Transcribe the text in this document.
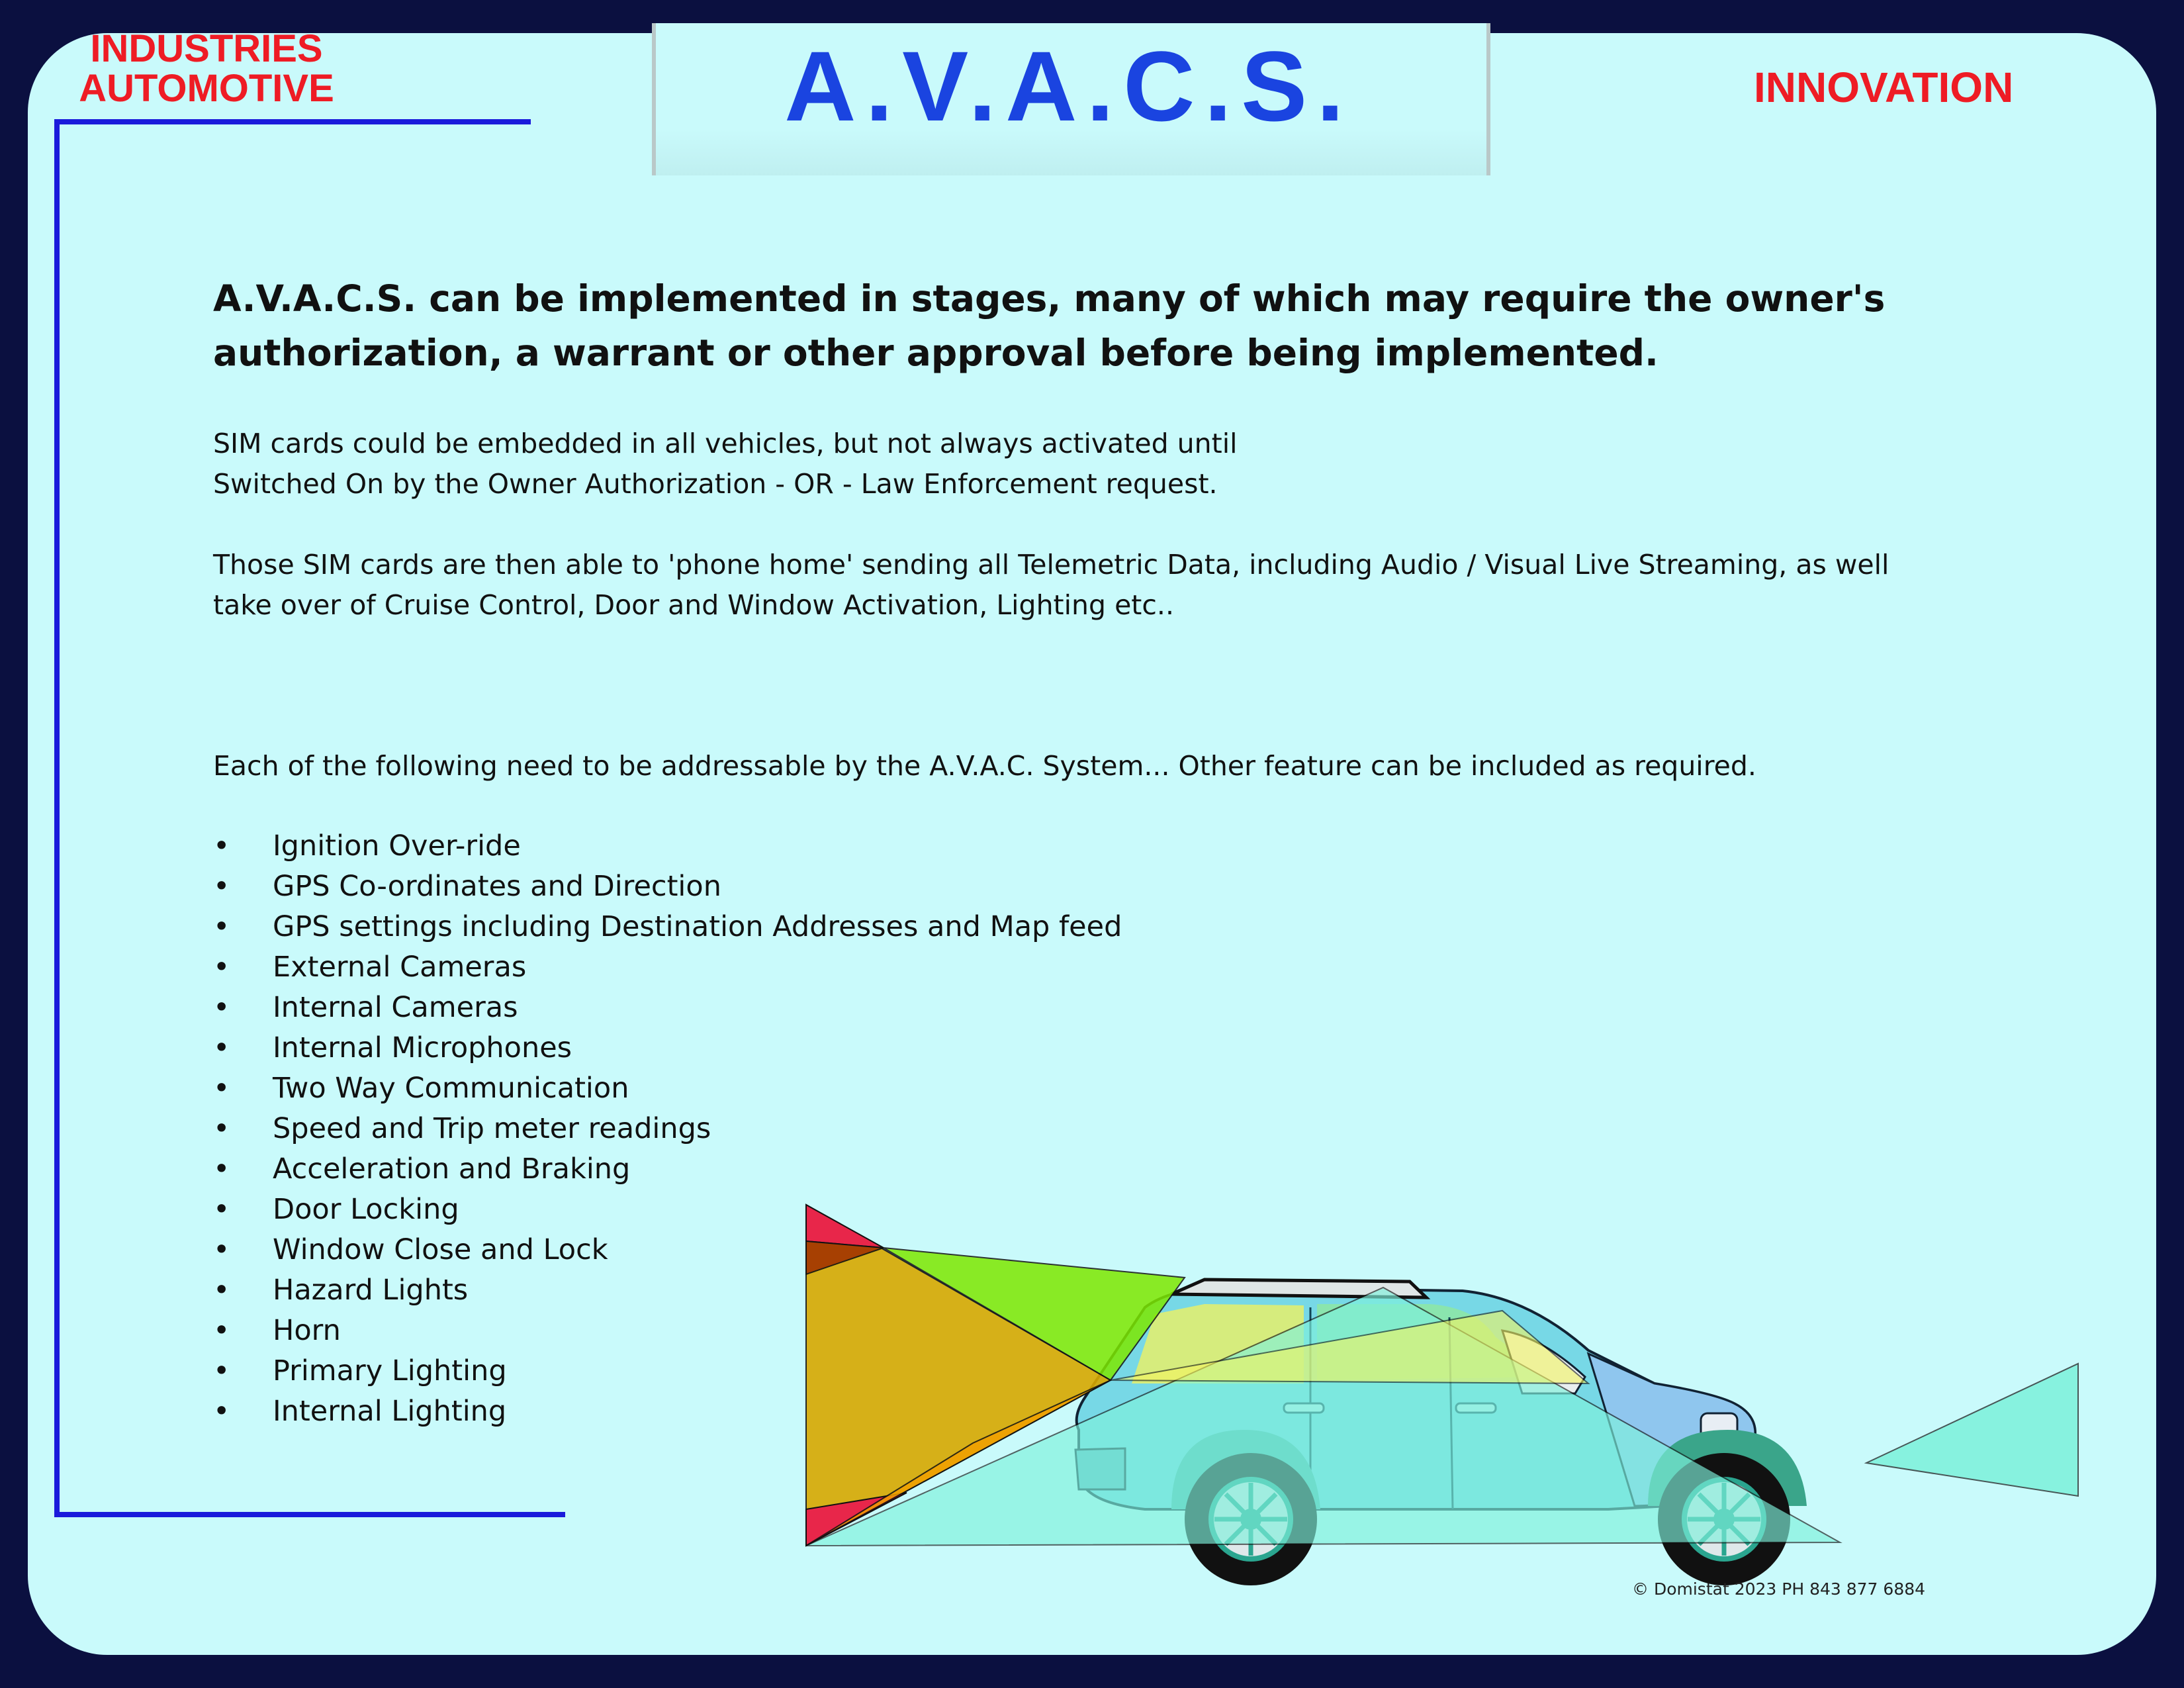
INDUSTRIES
AUTOMOTIVE	A.V.A.C.S.	INNOVATION
A.V.A.C.S. can be implemented in stages, many of which may require the owner's authorization, a warrant or other approval before being implemented.
SIM cards could be embedded in all vehicles, but not always activated until Switched On by the Owner Authorization - OR - Law Enforcement request.
Those SIM cards are then able to 'phone home' sending all Telemetric Data, including Audio / Visual Live Streaming, as well take over of Cruise Control, Door and Window Activation, Lighting etc..
Each of the following need to be addressable by the A.V.A.C. System... Other feature can be included as required.
• Ignition Over-ride
• GPS Co-ordinates and Direction
• GPS settings including Destination Addresses and Map feed
• External Cameras
• Internal Cameras
• Internal Microphones
• Two Way Communication
• Speed and Trip meter readings
• Acceleration and Braking
• Door Locking
• Window Close and Lock
• Hazard Lights
• Horn
• Primary Lighting
• Internal Lighting
© Domistat 2023 PH 843 877 6884
